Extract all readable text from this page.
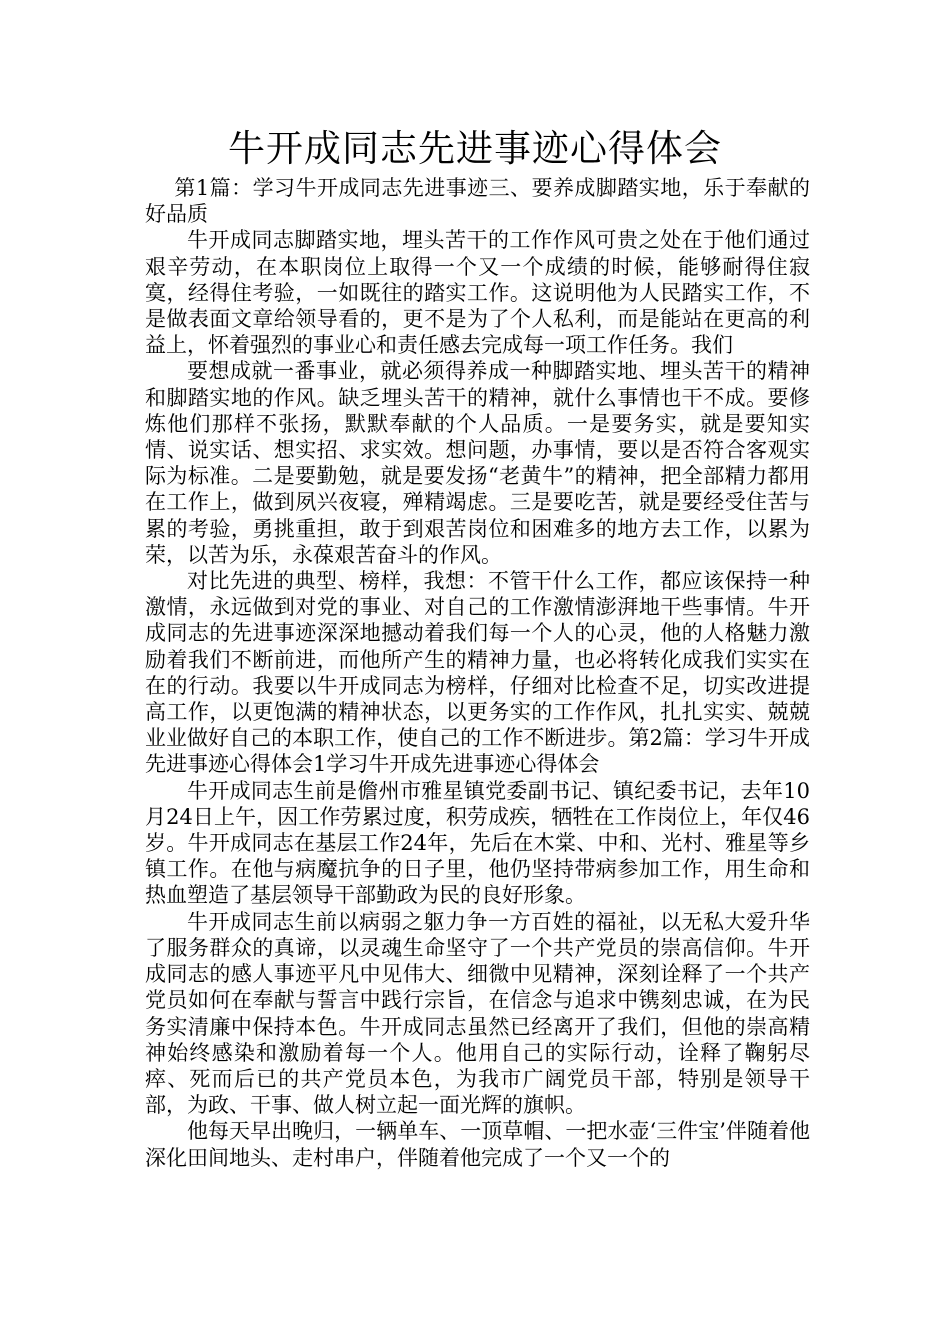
牛开成同志先进事迹心得体会

第1篇：学习牛开成同志先进事迹三、要养成脚踏实地，乐于奉献的好品质

牛开成同志脚踏实地，埋头苦干的工作作风可贵之处在于他们通过艰辛劳动，在本职岗位上取得一个又一个成绩的时候，能够耐得住寂寞，经得住考验，一如既往的踏实工作。这说明他为人民踏实工作，不是做表面文章给领导看的，更不是为了个人私利，而是能站在更高的利益上，怀着强烈的事业心和责任感去完成每一项工作任务。我们

要想成就一番事业，就必须得养成一种脚踏实地、埋头苦干的精神和脚踏实地的作风。缺乏埋头苦干的精神，就什么事情也干不成。要修炼他们那样不张扬，默默奉献的个人品质。一是要务实，就是要知实情、说实话、想实招、求实效。想问题，办事情，要以是否符合客观实际为标准。二是要勤勉，就是要发扬“老黄牛”的精神，把全部精力都用在工作上，做到夙兴夜寝，殚精竭虑。三是要吃苦，就是要经受住苦与累的考验，勇挑重担，敢于到艰苦岗位和困难多的地方去工作，以累为荣，以苦为乐，永葆艰苦奋斗的作风。

对比先进的典型、榜样，我想：不管干什么工作，都应该保持一种激情，永远做到对党的事业、对自己的工作激情澎湃地干些事情。牛开成同志的先进事迹深深地撼动着我们每一个人的心灵，他的人格魅力激励着我们不断前进，而他所产生的精神力量，也必将转化成我们实实在在的行动。我要以牛开成同志为榜样，仔细对比检查不足，切实改进提高工作，以更饱满的精神状态，以更务实的工作作风，扎扎实实、兢兢业业做好自己的本职工作，使自己的工作不断进步。第2篇：学习牛开成先进事迹心得体会1学习牛开成先进事迹心得体会

牛开成同志生前是儋州市雅星镇党委副书记、镇纪委书记，去年10月24日上午，因工作劳累过度，积劳成疾，牺牲在工作岗位上，年仅46岁。牛开成同志在基层工作24年，先后在木棠、中和、光村、雅星等乡镇工作。在他与病魔抗争的日子里，他仍坚持带病参加工作，用生命和热血塑造了基层领导干部勤政为民的良好形象。

牛开成同志生前以病弱之躯力争一方百姓的福祉，以无私大爱升华了服务群众的真谛，以灵魂生命坚守了一个共产党员的崇高信仰。牛开成同志的感人事迹平凡中见伟大、细微中见精神，深刻诠释了一个共产党员如何在奉献与誓言中践行宗旨，在信念与追求中镌刻忠诚，在为民务实清廉中保持本色。牛开成同志虽然已经离开了我们，但他的崇高精神始终感染和激励着每一个人。他用自己的实际行动，诠释了鞠躬尽瘁、死而后已的共产党员本色，为我市广阔党员干部，特别是领导干部，为政、干事、做人树立起一面光辉的旗帜。

他每天早出晚归，一辆单车、一顶草帽、一把水壶‘三件宝’伴随着他深化田间地头、走村串户，伴随着他完成了一个又一个的
